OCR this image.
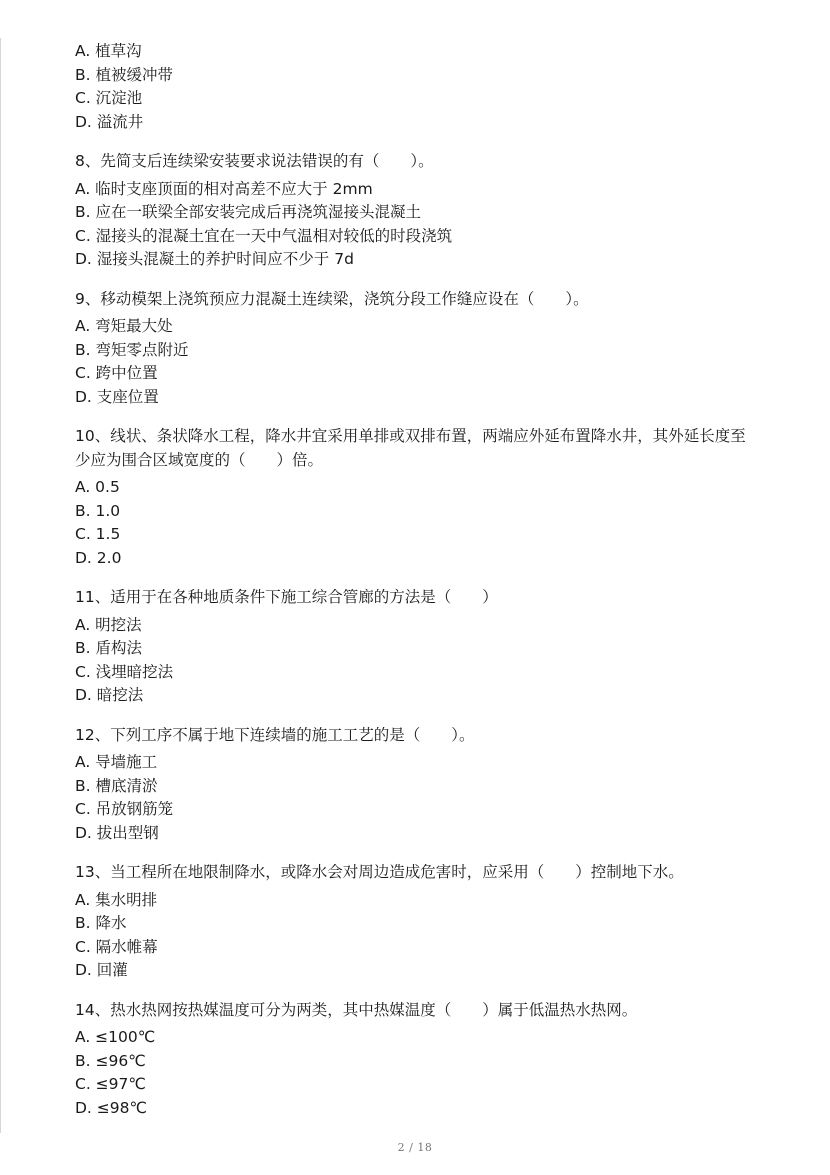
A. 植草沟
B. 植被缓冲带
C. 沉淀池
D. 溢流井
8、先简支后连续梁安装要求说法错误的有（　　）。
A. 临时支座顶面的相对高差不应大于 2mm
B. 应在一联梁全部安装完成后再浇筑湿接头混凝土
C. 湿接头的混凝土宜在一天中气温相对较低的时段浇筑
D. 湿接头混凝土的养护时间应不少于 7d
9、移动模架上浇筑预应力混凝土连续梁，浇筑分段工作缝应设在（　　）。
A. 弯矩最大处
B. 弯矩零点附近
C. 跨中位置
D. 支座位置
10、线状、条状降水工程，降水井宜采用单排或双排布置，两端应外延布置降水井，其外延长度至少应为围合区域宽度的（　　）倍。
A. 0.5
B. 1.0
C. 1.5
D. 2.0
11、适用于在各种地质条件下施工综合管廊的方法是（　　）
A. 明挖法
B. 盾构法
C. 浅埋暗挖法
D. 暗挖法
12、下列工序不属于地下连续墙的施工工艺的是（　　）。
A. 导墙施工
B. 槽底清淤
C. 吊放钢筋笼
D. 拔出型钢
13、当工程所在地限制降水，或降水会对周边造成危害时，应采用（　　）控制地下水。
A. 集水明排
B. 降水
C. 隔水帷幕
D. 回灌
14、热水热网按热媒温度可分为两类，其中热媒温度（　　）属于低温热水热网。
A. ≤100℃
B. ≤96℃
C. ≤97℃
D. ≤98℃
2 / 18
